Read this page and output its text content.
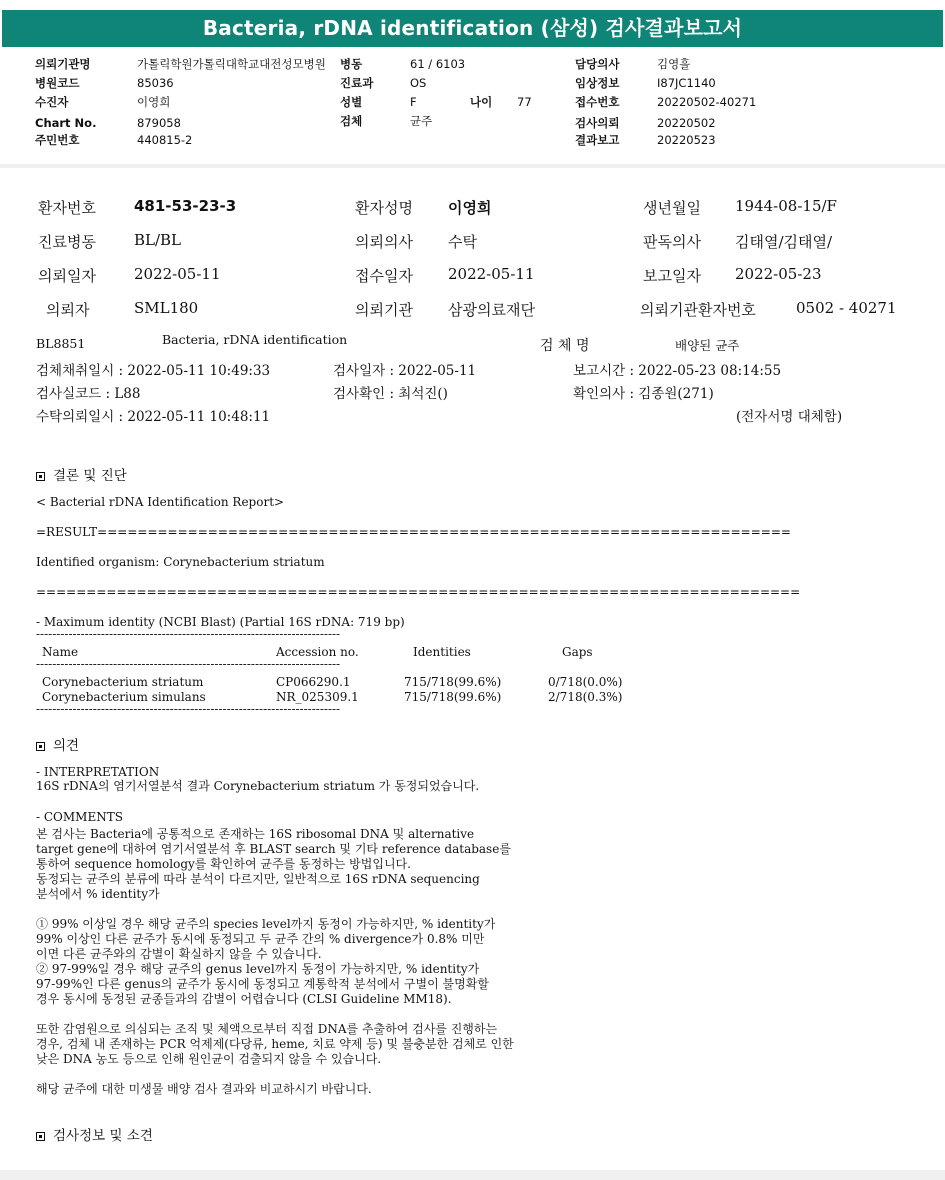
Bacteria, rDNA identification (삼성) 검사결과보고서
의뢰기관명	가톨릭학원가톨릭대학교대전성모병원 병동	61 / 6103	담당의사	김영흘
병원코드	85036	진료과	OS	임상정보	I87JC1140
수진자	이영희	성별	F	나이 77	접수번호	20220502-40271
Chart No.	879058	검체	균주	검사의뢰	20220502
주민번호	440815-2	결과보고	20220523
환자번호	481-53-23-3	환자성명 이영희	생년월일 1944-08-15/F
진료병동	BL/BL	의뢰의사 수탁	판독의사 김태열/김태열/
의뢰일자	2022-05-11	접수일자 2022-05-11	보고일자 2022-05-23
의뢰자	SML180	의뢰기관 삼광의료재단	의뢰기관환자번호	0502 - 40271
BL8851	Bacteria, rDNA identification	검 체 명	배양된 균주
검체채취일시 : 2022-05-11 10:49:33	검사일자 : 2022-05-11	보고시간 : 2022-05-23 08:14:55
검사실코드 : L88	검사확인 : 최석진()	확인의사 : 김종원(271)
수탁의뢰일시 : 2022-05-11 10:48:11	(전자서명 대체함)
결론 및 진단
< Bacterial rDNA Identification Report>
=RESULT=====================================================================
Identified organism: Corynebacterium striatum
============================================================================
- Maximum identity (NCBI Blast) (Partial 16S rDNA: 719 bp)
---------------------------------------------------------------------------
Name	Accession no.	Identities	Gaps
---------------------------------------------------------------------------
Corynebacterium striatum	CP066290.1	715/718(99.6%)	0/718(0.0%)
Corynebacterium simulans	NR_025309.1	715/718(99.6%)	2/718(0.3%)
---------------------------------------------------------------------------
의견
- INTERPRETATION
16S rDNA의 염기서열분석 결과 Corynebacterium striatum 가 동정되었습니다.
- COMMENTS
본 검사는 Bacteria에 공통적으로 존재하는 16S ribosomal DNA 및 alternative
target gene에 대하여 염기서열분석 후 BLAST search 및 기타 reference database를
통하여 sequence homology를 확인하여 균주를 동정하는 방법입니다.
동정되는 균주의 분류에 따라 분석이 다르지만, 일반적으로 16S rDNA sequencing
분석에서 % identity가
① 99% 이상일 경우 해당 균주의 species level까지 동정이 가능하지만, % identity가
99% 이상인 다른 균주가 동시에 동정되고 두 균주 간의 % divergence가 0.8% 미만
이면 다른 균주와의 감별이 확실하지 않을 수 있습니다.
② 97-99%일 경우 해당 균주의 genus level까지 동정이 가능하지만, % identity가
97-99%인 다른 genus의 균주가 동시에 동정되고 계통학적 분석에서 구별이 불명확할
경우 동시에 동정된 균종들과의 감별이 어렵습니다 (CLSI Guideline MM18).
또한 감염원으로 의심되는 조직 및 체액으로부터 직접 DNA를 추출하여 검사를 진행하는
경우, 검체 내 존재하는 PCR 억제제(다당류, heme, 치료 약제 등) 및 불충분한 검체로 인한
낮은 DNA 농도 등으로 인해 원인균이 검출되지 않을 수 있습니다.
해당 균주에 대한 미생물 배양 검사 결과와 비교하시기 바랍니다.
검사정보 및 소견
